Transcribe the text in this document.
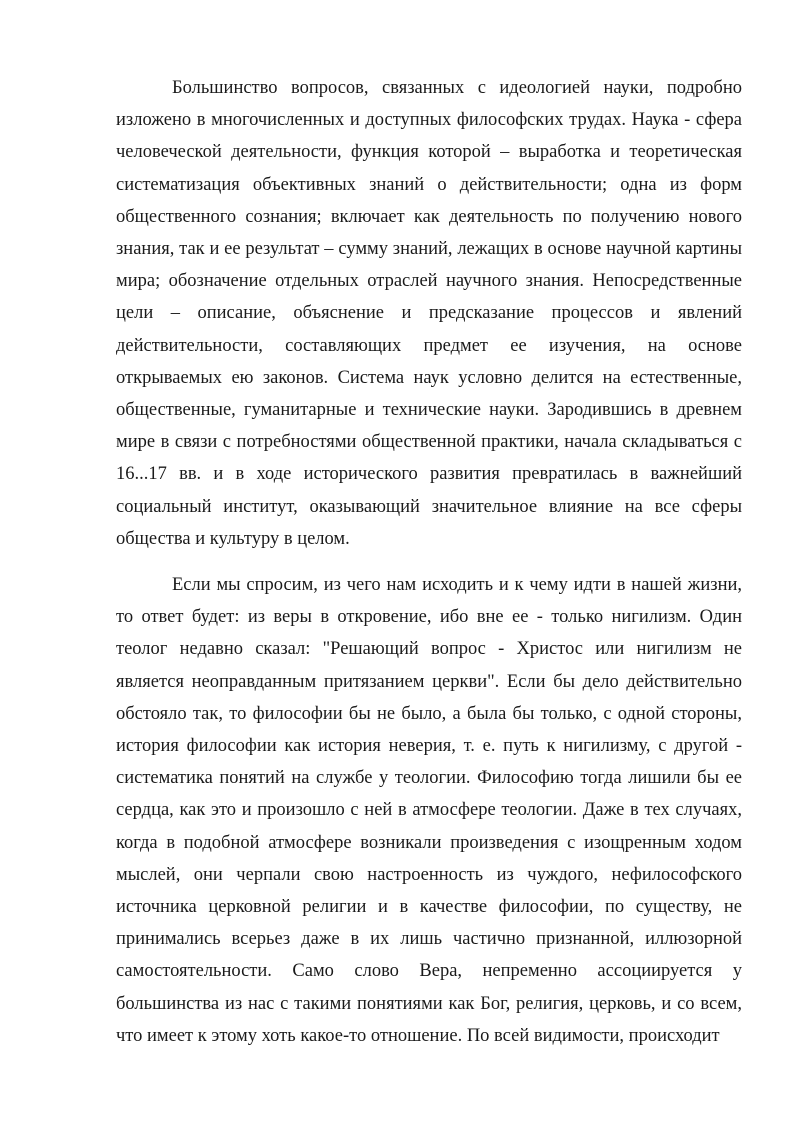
Большинство вопросов, связанных с идеологией науки, подробно изложено в многочисленных и доступных философских трудах. Наука - сфера человеческой деятельности, функция которой – выработка и теоретическая систематизация объективных знаний о действительности; одна из форм общественного сознания; включает как деятельность по получению нового знания, так и ее результат – сумму знаний, лежащих в основе научной картины мира; обозначение отдельных отраслей научного знания. Непосредственные цели – описание, объяснение и предсказание процессов и явлений действительности, составляющих предмет ее изучения, на основе открываемых ею законов. Система наук условно делится на естественные, общественные, гуманитарные и технические науки. Зародившись в древнем мире в связи с потребностями общественной практики, начала складываться с 16...17 вв. и в ходе исторического развития превратилась в важнейший социальный институт, оказывающий значительное влияние на все сферы общества и культуру в целом.

Если мы спросим, из чего нам исходить и к чему идти в нашей жизни, то ответ будет: из веры в откровение, ибо вне ее - только нигилизм. Один теолог недавно сказал: "Решающий вопрос - Христос или нигилизм не является неоправданным притязанием церкви". Если бы дело действительно обстояло так, то философии бы не было, а была бы только, с одной стороны, история философии как история неверия, т. е. путь к нигилизму, с другой - систематика понятий на службе у теологии. Философию тогда лишили бы ее сердца, как это и произошло с ней в атмосфере теологии. Даже в тех случаях, когда в подобной атмосфере возникали произведения с изощренным ходом мыслей, они черпали свою настроенность из чуждого, нефилософского источника церковной религии и в качестве философии, по существу, не принимались всерьез даже в их лишь частично признанной, иллюзорной самостоятельности. Само слово Вера, непременно ассоциируется у большинства из нас с такими понятиями как Бог, религия, церковь, и со всем, что имеет к этому хоть какое-то отношение. По всей видимости, происходит
